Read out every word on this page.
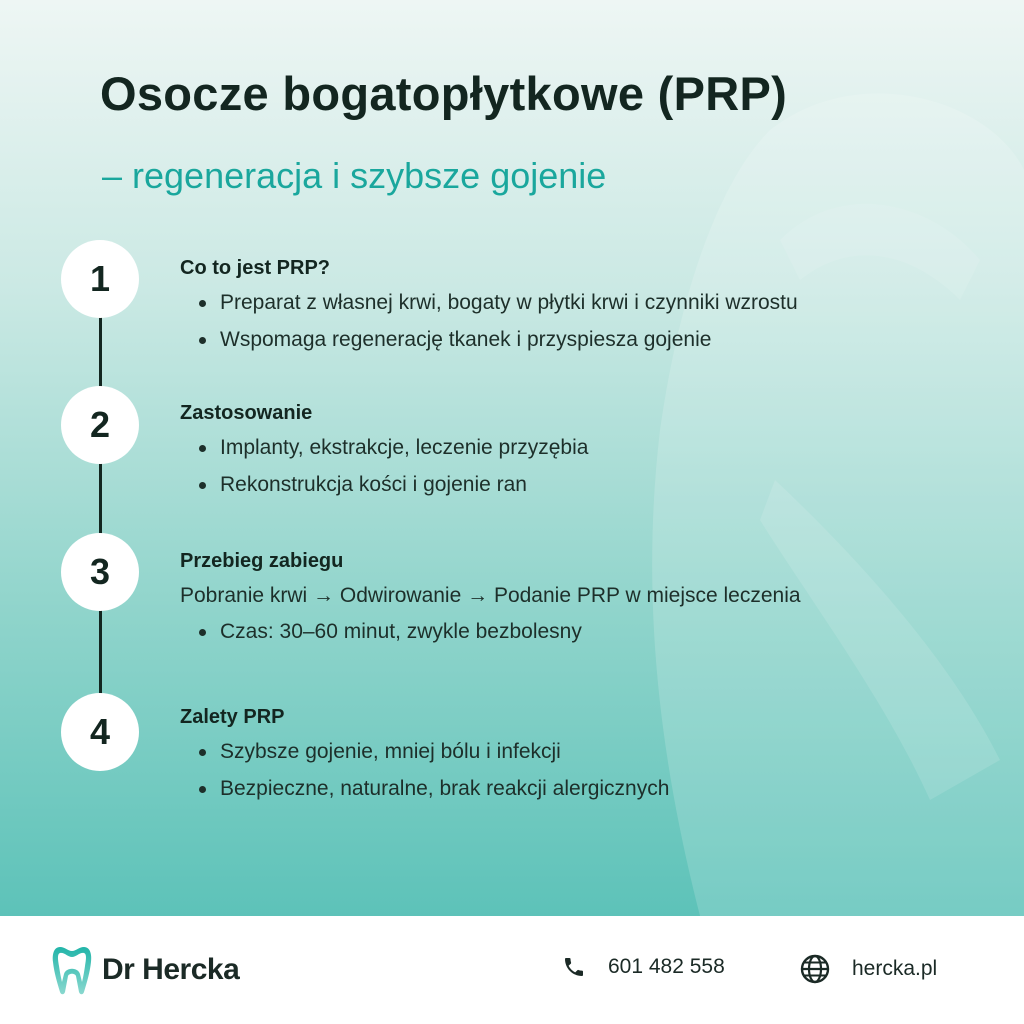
Osocze bogatopłytkowe (PRP)
– regeneracja i szybsze gojenie
1
2
3
4
Co to jest PRP?
Preparat z własnej krwi, bogaty w płytki krwi i czynniki wzrostu
Wspomaga regenerację tkanek i przyspiesza gojenie
Zastosowanie
Implanty, ekstrakcje, leczenie przyzębia
Rekonstrukcja kości i gojenie ran
Przebieg zabiegu
Pobranie krwi → Odwirowanie → Podanie PRP w miejsce leczenia
Czas: 30–60 minut, zwykle bezbolesny
Zalety PRP
Szybsze gojenie, mniej bólu i infekcji
Bezpieczne, naturalne, brak reakcji alergicznych
Dr Hercka	601 482 558	hercka.pl
